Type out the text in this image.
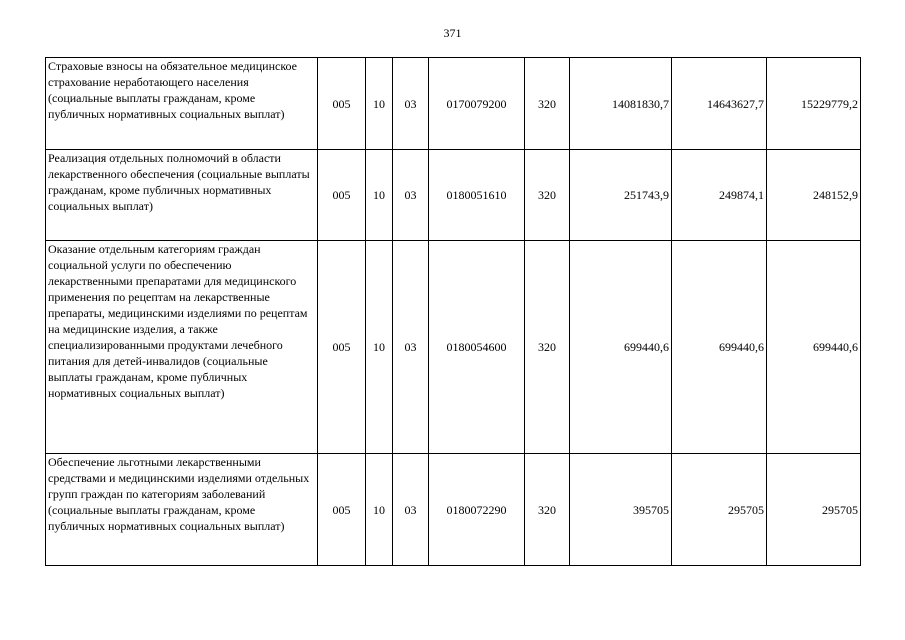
371
Страховые взносы на обязательное медицинское страхование неработающего населения (социальные выплаты гражданам, кроме публичных нормативных социальных выплат)	005	10	03	0170079200	320	14081830,7	14643627,7	15229779,2
Реализация отдельных полномочий в области лекарственного обеспечения (социальные выплаты гражданам, кроме публичных нормативных социальных выплат)	005	10	03	0180051610	320	251743,9	249874,1	248152,9
Оказание отдельным категориям граждан социальной услуги по обеспечению лекарственными препаратами для медицинского применения по рецептам на лекарственные препараты, медицинскими изделиями по рецептам на медицинские изделия, а также специализированными продуктами лечебного питания для детей-инвалидов (социальные выплаты гражданам, кроме публичных нормативных социальных выплат)	005	10	03	0180054600	320	699440,6	699440,6	699440,6
Обеспечение льготными лекарственными средствами и медицинскими изделиями отдельных групп граждан по категориям заболеваний (социальные выплаты гражданам, кроме публичных нормативных социальных выплат)	005	10	03	0180072290	320	395705	295705	295705
